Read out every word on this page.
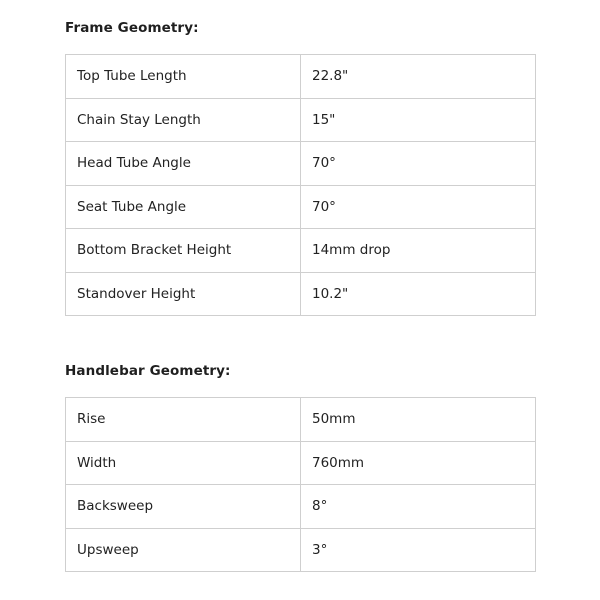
Frame Geometry:
Top Tube Length	22.8"
Chain Stay Length	15"
Head Tube Angle	70°
Seat Tube Angle	70°
Bottom Bracket Height	14mm drop
Standover Height	10.2"
Handlebar Geometry:
Rise	50mm
Width	760mm
Backsweep	8°
Upsweep	3°
